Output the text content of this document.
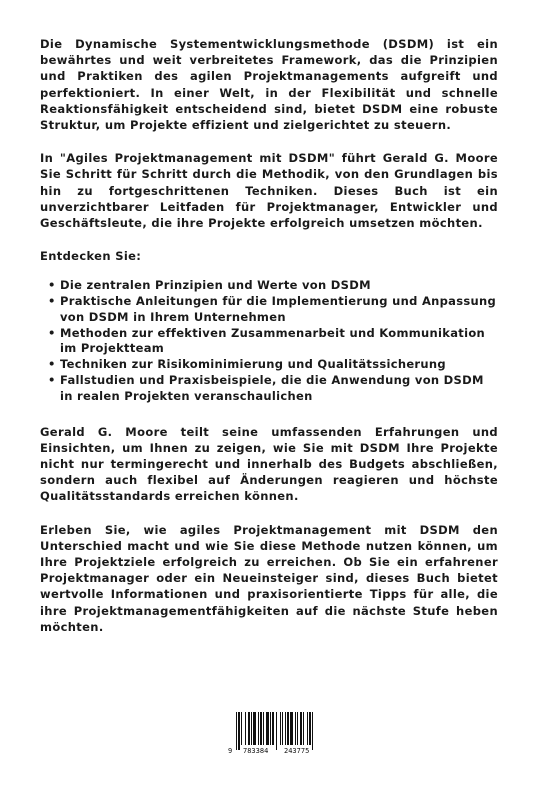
Die Dynamische Systementwicklungsmethode (DSDM) ist ein bewährtes und weit verbreitetes Framework, das die Prinzipien und Praktiken des agilen Projektmanagements aufgreift und perfektioniert. In einer Welt, in der Flexibilität und schnelle Reaktionsfähigkeit entscheidend sind, bietet DSDM eine robuste Struktur, um Projekte effizient und zielgerichtet zu steuern.

In "Agiles Projektmanagement mit DSDM" führt Gerald G. Moore Sie Schritt für Schritt durch die Methodik, von den Grundlagen bis hin zu fortgeschrittenen Techniken. Dieses Buch ist ein unverzichtbarer Leitfaden für Projektmanager, Entwickler und Geschäftsleute, die ihre Projekte erfolgreich umsetzen möchten.

Entdecken Sie:

• Die zentralen Prinzipien und Werte von DSDM
• Praktische Anleitungen für die Implementierung und Anpassung von DSDM in Ihrem Unternehmen
• Methoden zur effektiven Zusammenarbeit und Kommunikation im Projektteam
• Techniken zur Risikominimierung und Qualitätssicherung
• Fallstudien und Praxisbeispiele, die die Anwendung von DSDM in realen Projekten veranschaulichen

Gerald G. Moore teilt seine umfassenden Erfahrungen und Einsichten, um Ihnen zu zeigen, wie Sie mit DSDM Ihre Projekte nicht nur termingerecht und innerhalb des Budgets abschließen, sondern auch flexibel auf Änderungen reagieren und höchste Qualitätsstandards erreichen können.

Erleben Sie, wie agiles Projektmanagement mit DSDM den Unterschied macht und wie Sie diese Methode nutzen können, um Ihre Projektziele erfolgreich zu erreichen. Ob Sie ein erfahrener Projektmanager oder ein Neueinsteiger sind, dieses Buch bietet wertvolle Informationen und praxisorientierte Tipps für alle, die ihre Projektmanagementfähigkeiten auf die nächste Stufe heben möchten.

9 783384 243775
